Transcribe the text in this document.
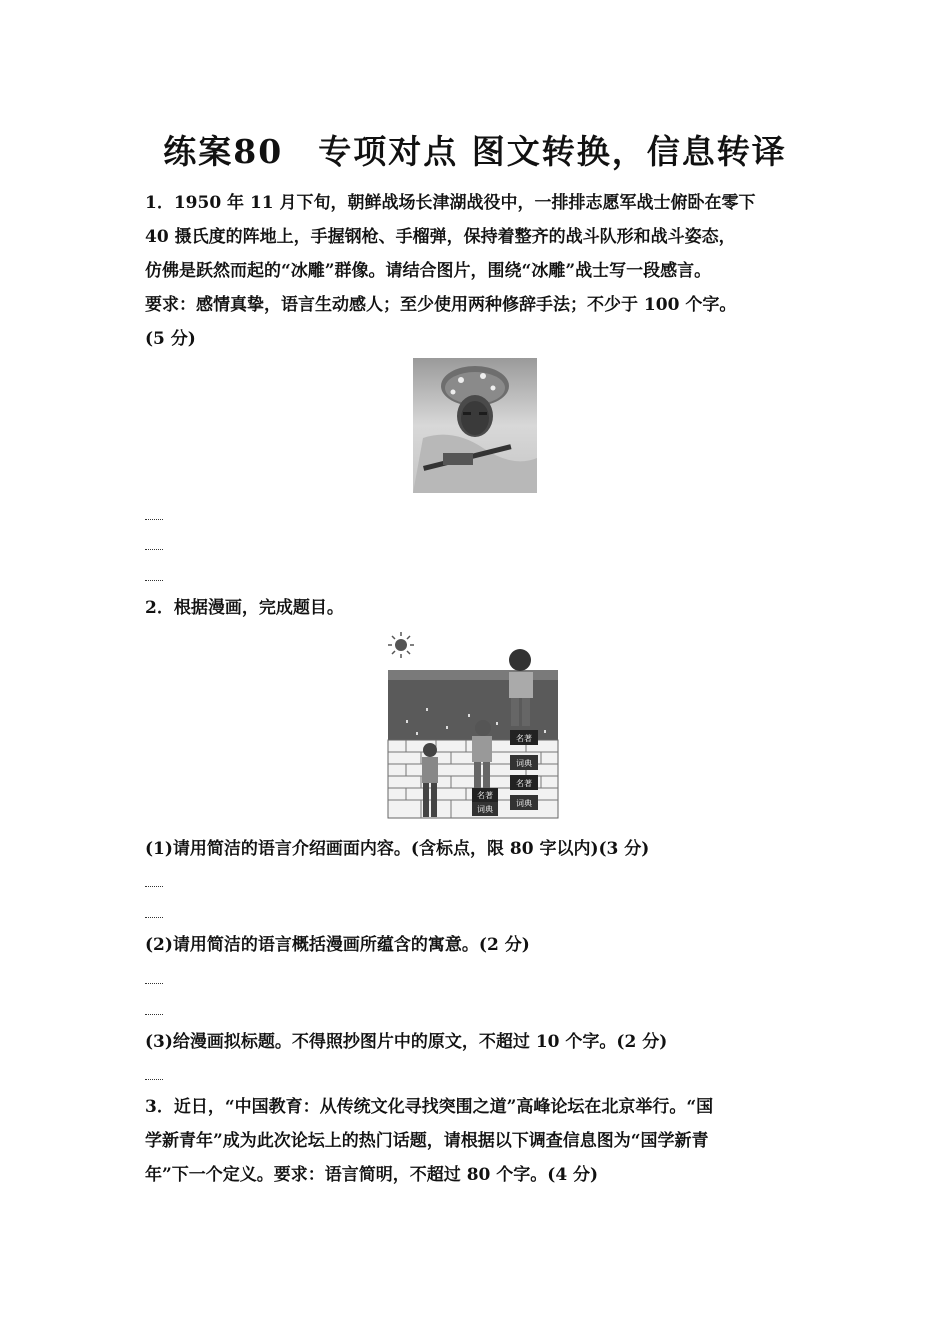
练案80　专项对点 图文转换，信息转译
1．1950 年 11 月下旬，朝鲜战场长津湖战役中，一排排志愿军战士俯卧在零下
40 摄氏度的阵地上，手握钢枪、手榴弹，保持着整齐的战斗队形和战斗姿态，
仿佛是跃然而起的“冰雕”群像。请结合图片，围绕“冰雕”战士写一段感言。
要求：感情真挚，语言生动感人；至少使用两种修辞手法；不少于 100 个字。
(5 分)
2．根据漫画，完成题目。
名著
词典
名著
词典
名著
词典
(1)请用简洁的语言介绍画面内容。(含标点，限 80 字以内)(3 分)
(2)请用简洁的语言概括漫画所蕴含的寓意。(2 分)
(3)给漫画拟标题。不得照抄图片中的原文，不超过 10 个字。(2 分)
3．近日，“中国教育：从传统文化寻找突围之道”高峰论坛在北京举行。“国
学新青年”成为此次论坛上的热门话题，请根据以下调查信息图为“国学新青
年”下一个定义。要求：语言简明，不超过 80 个字。(4 分)
